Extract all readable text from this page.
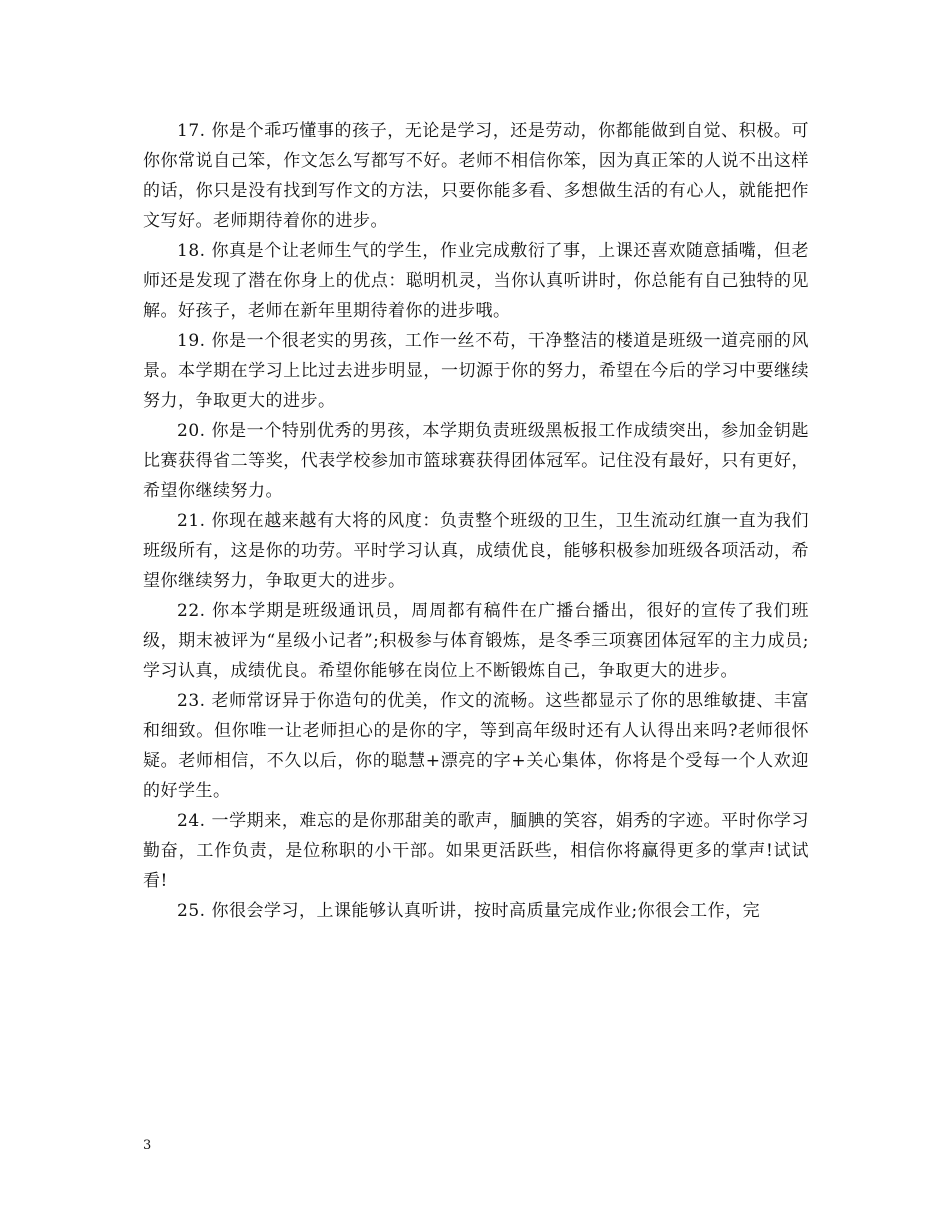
17. 你是个乖巧懂事的孩子，无论是学习，还是劳动，你都能做到自觉、积极。可你你常说自己笨，作文怎么写都写不好。老师不相信你笨，因为真正笨的人说不出这样的话，你只是没有找到写作文的方法，只要你能多看、多想做生活的有心人，就能把作文写好。老师期待着你的进步。

18. 你真是个让老师生气的学生，作业完成敷衍了事，上课还喜欢随意插嘴，但老师还是发现了潜在你身上的优点：聪明机灵，当你认真听讲时，你总能有自己独特的见解。好孩子，老师在新年里期待着你的进步哦。

19. 你是一个很老实的男孩，工作一丝不苟，干净整洁的楼道是班级一道亮丽的风景。本学期在学习上比过去进步明显，一切源于你的努力，希望在今后的学习中要继续努力，争取更大的进步。

20. 你是一个特别优秀的男孩，本学期负责班级黑板报工作成绩突出，参加金钥匙比赛获得省二等奖，代表学校参加市篮球赛获得团体冠军。记住没有最好，只有更好，希望你继续努力。

21. 你现在越来越有大将的风度：负责整个班级的卫生，卫生流动红旗一直为我们班级所有，这是你的功劳。平时学习认真，成绩优良，能够积极参加班级各项活动，希望你继续努力，争取更大的进步。

22. 你本学期是班级通讯员，周周都有稿件在广播台播出，很好的宣传了我们班级，期末被评为“星级小记者”;积极参与体育锻炼，是冬季三项赛团体冠军的主力成员;学习认真，成绩优良。希望你能够在岗位上不断锻炼自己，争取更大的进步。

23. 老师常讶异于你造句的优美，作文的流畅。这些都显示了你的思维敏捷、丰富和细致。但你唯一让老师担心的是你的字，等到高年级时还有人认得出来吗?老师很怀疑。老师相信，不久以后，你的聪慧+漂亮的字+关心集体，你将是个受每一个人欢迎的好学生。

24. 一学期来，难忘的是你那甜美的歌声，腼腆的笑容，娟秀的字迹。平时你学习勤奋，工作负责，是位称职的小干部。如果更活跃些，相信你将赢得更多的掌声!试试看!

25. 你很会学习，上课能够认真听讲，按时高质量完成作业;你很会工作，完

3
